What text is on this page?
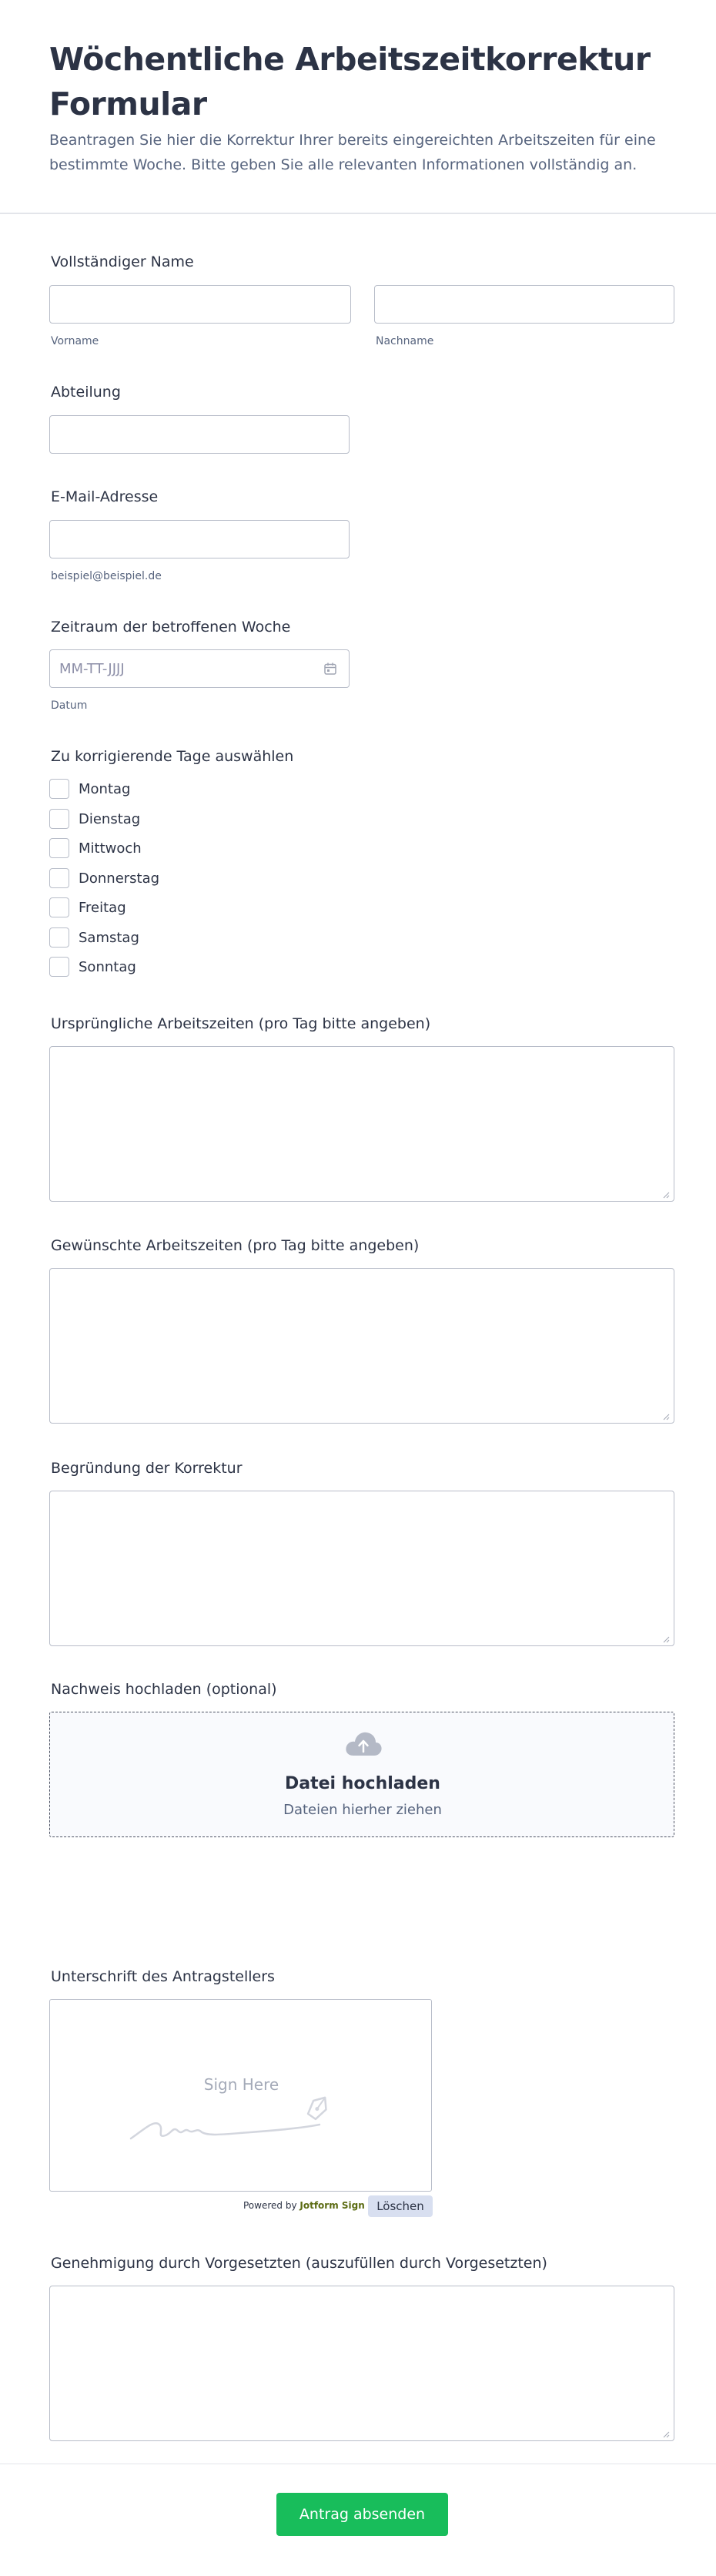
Wöchentliche Arbeitszeitkorrektur Formular

Beantragen Sie hier die Korrektur Ihrer bereits eingereichten Arbeitszeiten für eine bestimmte Woche. Bitte geben Sie alle relevanten Informationen vollständig an.

Vollständiger Name
Vorname	Nachname
Abteilung
E-Mail-Adresse
beispiel@beispiel.de
Zeitraum der betroffenen Woche
MM-TT-JJJJ
Datum
Zu korrigierende Tage auswählen
Montag
Dienstag
Mittwoch
Donnerstag
Freitag
Samstag
Sonntag
Ursprüngliche Arbeitszeiten (pro Tag bitte angeben)
Gewünschte Arbeitszeiten (pro Tag bitte angeben)
Begründung der Korrektur
Nachweis hochladen (optional)
Datei hochladen
Dateien hierher ziehen
Unterschrift des Antragstellers
Sign Here
Powered by Jotform Sign	Löschen
Genehmigung durch Vorgesetzten (auszufüllen durch Vorgesetzten)
Antrag absenden
